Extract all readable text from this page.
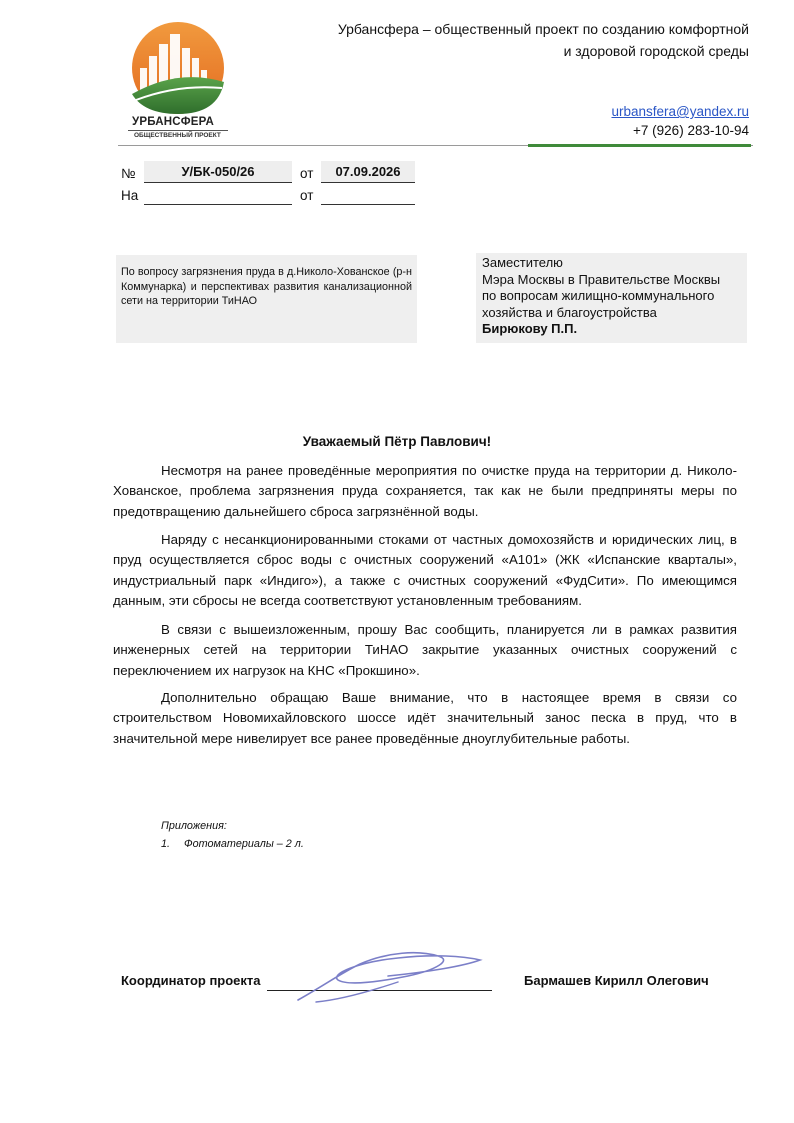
УРБАНСФЕРА
ОБЩЕСТВЕННЫЙ ПРОЕКТ
Урбансфера – общественный проект по созданию комфортной
и здоровой городской среды
urbansfera@yandex.ru
+7 (926) 283-10-94
№	У/БК-050/26	от	07.09.2026
На	от
По вопросу загрязнения пруда в д.Николо-Хованское (р-н Коммунарка) и перспективах развития канализационной сети на территории ТиНАО
Заместителю
Мэра Москвы в Правительстве Москвы
по вопросам жилищно-коммунального
хозяйства и благоустройства
Бирюкову П.П.
Уважаемый Пётр Павлович!

Несмотря на ранее проведённые мероприятия по очистке пруда на территории д. Николо-Хованское, проблема загрязнения пруда сохраняется, так как не были предприняты меры по предотвращению дальнейшего сброса загрязнённой воды.

Наряду с несанкционированными стоками от частных домохозяйств и юридических лиц, в пруд осуществляется сброс воды с очистных сооружений «А101» (ЖК «Испанские кварталы», индустриальный парк «Индиго»), а также с очистных сооружений «ФудСити». По имеющимся данным, эти сбросы не всегда соответствуют установленным требованиям.

В связи с вышеизложенным, прошу Вас сообщить, планируется ли в рамках развития инженерных сетей на территории ТиНАО закрытие указанных очистных сооружений с переключением их нагрузок на КНС «Прокшино».

Дополнительно обращаю Ваше внимание, что в настоящее время в связи со строительством Новомихайловского шоссе идёт значительный занос песка в пруд, что в значительной мере нивелирует все ранее проведённые дноуглубительные работы.

Приложения:
1. Фотоматериалы – 2 л.
Координатор проекта	Бармашев Кирилл Олегович
